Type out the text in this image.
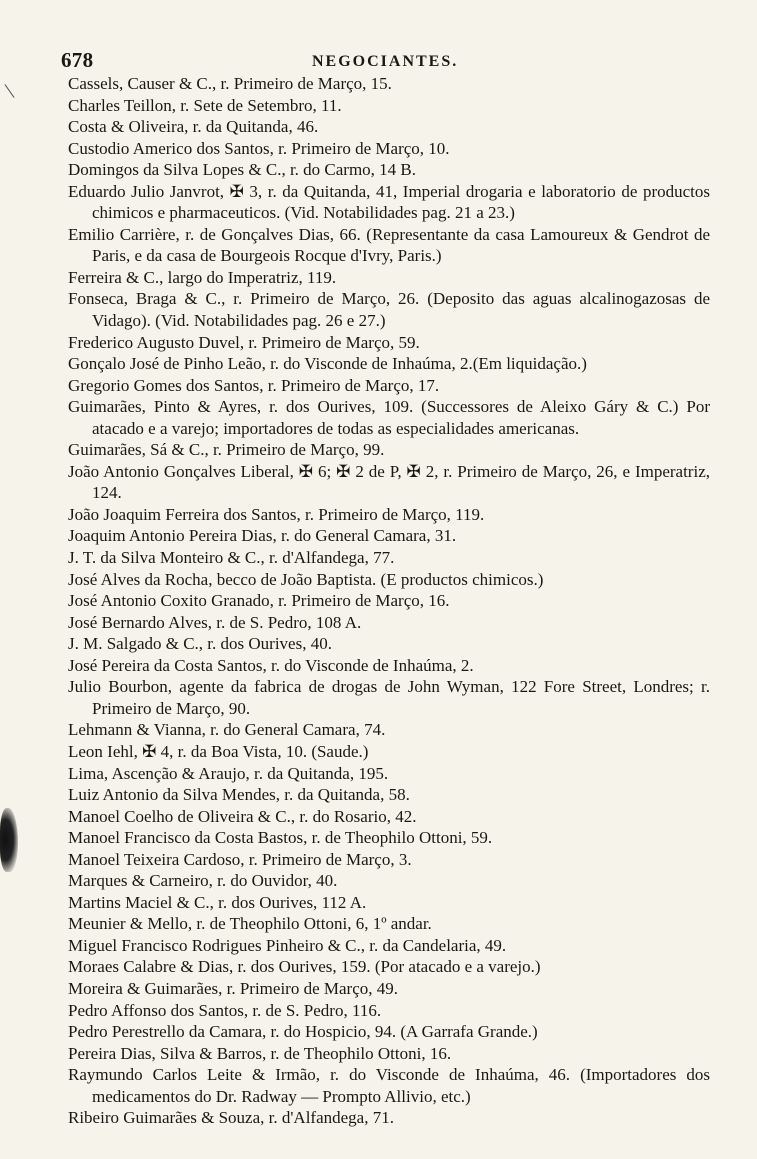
678	NEGOCIANTES.
Cassels, Causer & C., r. Primeiro de Março, 15.
Charles Teillon, r. Sete de Setembro, 11.
Costa & Oliveira, r. da Quitanda, 46.
Custodio Americo dos Santos, r. Primeiro de Março, 10.
Domingos da Silva Lopes & C., r. do Carmo, 14 B.
Eduardo Julio Janvrot, ✠ 3, r. da Quitanda, 41, Imperial drogaria e laboratorio de productos chimicos e pharmaceuticos. (Vid. Notabilidades pag. 21 a 23.)
Emilio Carrière, r. de Gonçalves Dias, 66. (Representante da casa Lamoureux & Gendrot de Paris, e da casa de Bourgeois Rocque d'Ivry, Paris.)
Ferreira & C., largo do Imperatriz, 119.
Fonseca, Braga & C., r. Primeiro de Março, 26. (Deposito das aguas alcalinogazosas de Vidago). (Vid. Notabilidades pag. 26 e 27.)
Frederico Augusto Duvel, r. Primeiro de Março, 59.
Gonçalo José de Pinho Leão, r. do Visconde de Inhaúma, 2.(Em liquidação.)
Gregorio Gomes dos Santos, r. Primeiro de Março, 17.
Guimarães, Pinto & Ayres, r. dos Ourives, 109. (Successores de Aleixo Gáry & C.) Por atacado e a varejo; importadores de todas as especialidades americanas.
Guimarães, Sá & C., r. Primeiro de Março, 99.
João Antonio Gonçalves Liberal, ✠ 6; ✠ 2 de P, ✠ 2, r. Primeiro de Março, 26, e Imperatriz, 124.
João Joaquim Ferreira dos Santos, r. Primeiro de Março, 119.
Joaquim Antonio Pereira Dias, r. do General Camara, 31.
J. T. da Silva Monteiro & C., r. d'Alfandega, 77.
José Alves da Rocha, becco de João Baptista. (E productos chimicos.)
José Antonio Coxito Granado, r. Primeiro de Março, 16.
José Bernardo Alves, r. de S. Pedro, 108 A.
J. M. Salgado & C., r. dos Ourives, 40.
José Pereira da Costa Santos, r. do Visconde de Inhaúma, 2.
Julio Bourbon, agente da fabrica de drogas de John Wyman, 122 Fore Street, Londres; r. Primeiro de Março, 90.
Lehmann & Vianna, r. do General Camara, 74.
Leon Iehl, ✠ 4, r. da Boa Vista, 10. (Saude.)
Lima, Ascenção & Araujo, r. da Quitanda, 195.
Luiz Antonio da Silva Mendes, r. da Quitanda, 58.
Manoel Coelho de Oliveira & C., r. do Rosario, 42.
Manoel Francisco da Costa Bastos, r. de Theophilo Ottoni, 59.
Manoel Teixeira Cardoso, r. Primeiro de Março, 3.
Marques & Carneiro, r. do Ouvidor, 40.
Martins Maciel & C., r. dos Ourives, 112 A.
Meunier & Mello, r. de Theophilo Ottoni, 6, 1º andar.
Miguel Francisco Rodrigues Pinheiro & C., r. da Candelaria, 49.
Moraes Calabre & Dias, r. dos Ourives, 159. (Por atacado e a varejo.)
Moreira & Guimarães, r. Primeiro de Março, 49.
Pedro Affonso dos Santos, r. de S. Pedro, 116.
Pedro Perestrello da Camara, r. do Hospicio, 94. (A Garrafa Grande.)
Pereira Dias, Silva & Barros, r. de Theophilo Ottoni, 16.
Raymundo Carlos Leite & Irmão, r. do Visconde de Inhaúma, 46. (Importadores dos medicamentos do Dr. Radway — Prompto Allivio, etc.)
Ribeiro Guimarães & Souza, r. d'Alfandega, 71.
